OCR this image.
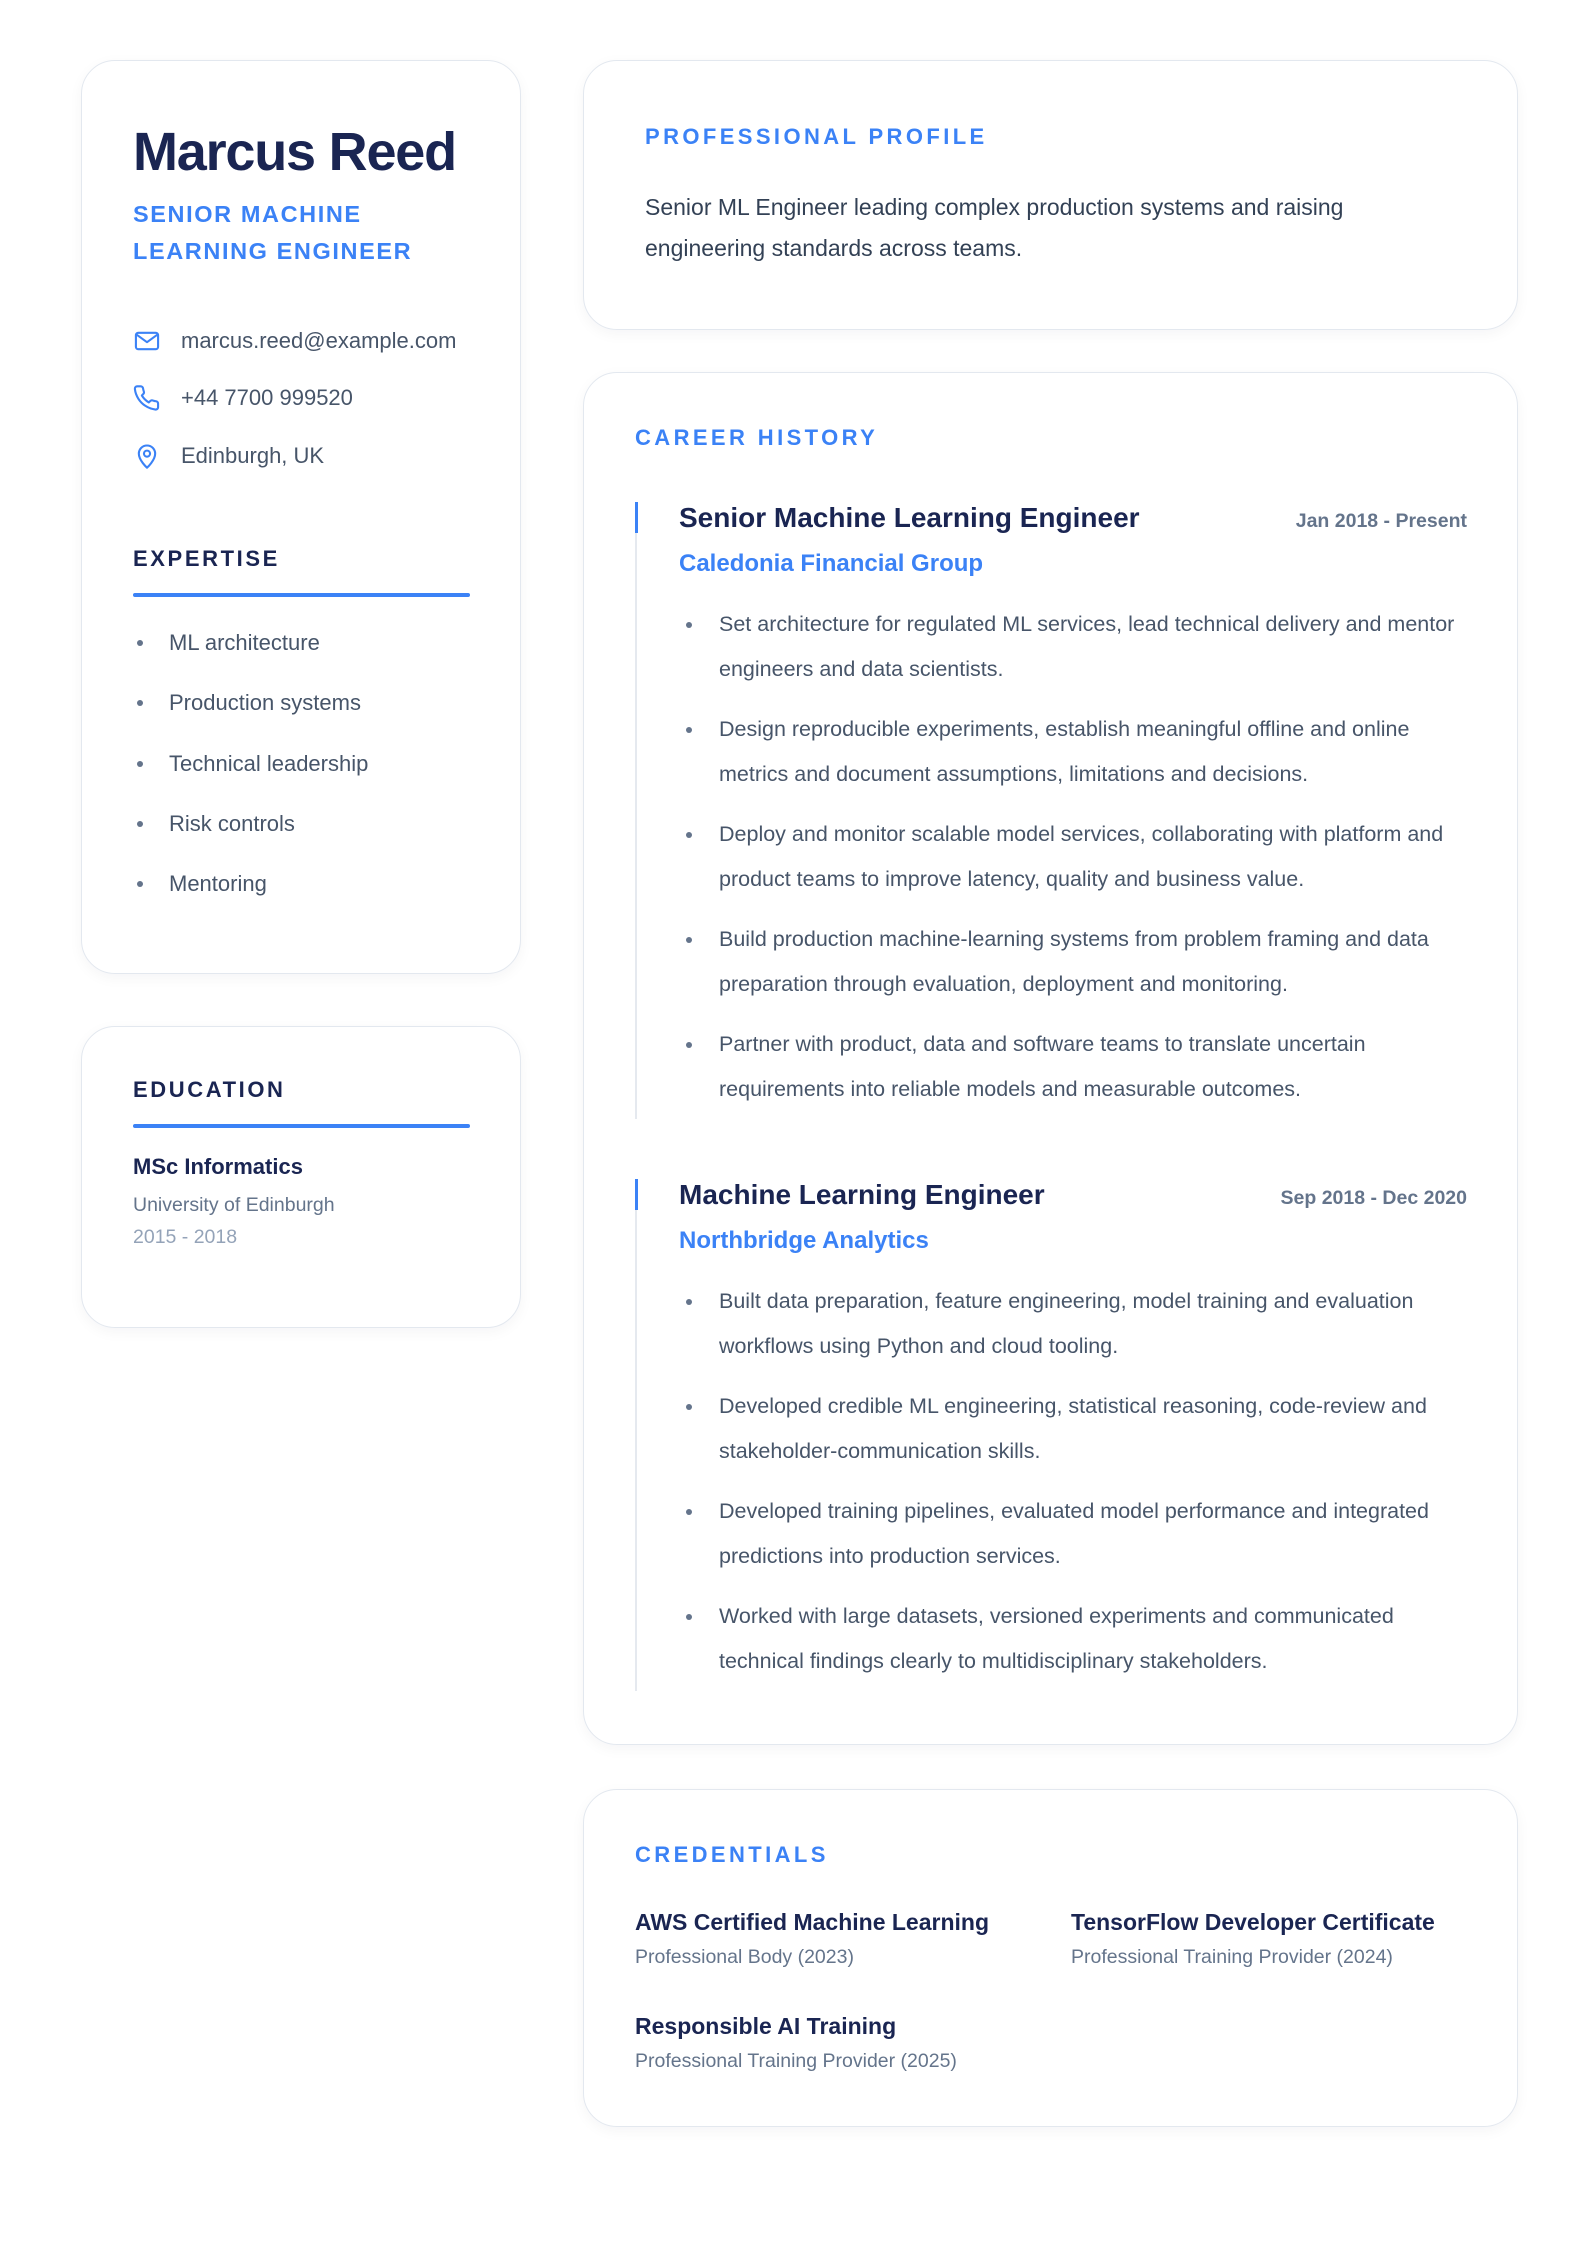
Marcus Reed
SENIOR MACHINE LEARNING ENGINEER
marcus.reed@example.com
+44 7700 999520
Edinburgh, UK
EXPERTISE
ML architecture
Production systems
Technical leadership
Risk controls
Mentoring
EDUCATION
MSc Informatics
University of Edinburgh
2015 - 2018
PROFESSIONAL PROFILE
Senior ML Engineer leading complex production systems and raising engineering standards across teams.
CAREER HISTORY
Senior Machine Learning Engineer	Jan 2018 - Present
Caledonia Financial Group
Set architecture for regulated ML services, lead technical delivery and mentor engineers and data scientists.
Design reproducible experiments, establish meaningful offline and online metrics and document assumptions, limitations and decisions.
Deploy and monitor scalable model services, collaborating with platform and product teams to improve latency, quality and business value.
Build production machine-learning systems from problem framing and data preparation through evaluation, deployment and monitoring.
Partner with product, data and software teams to translate uncertain requirements into reliable models and measurable outcomes.
Machine Learning Engineer	Sep 2018 - Dec 2020
Northbridge Analytics
Built data preparation, feature engineering, model training and evaluation workflows using Python and cloud tooling.
Developed credible ML engineering, statistical reasoning, code-review and stakeholder-communication skills.
Developed training pipelines, evaluated model performance and integrated predictions into production services.
Worked with large datasets, versioned experiments and communicated technical findings clearly to multidisciplinary stakeholders.
CREDENTIALS
AWS Certified Machine Learning
Professional Body (2023)
TensorFlow Developer Certificate
Professional Training Provider (2024)
Responsible AI Training
Professional Training Provider (2025)
